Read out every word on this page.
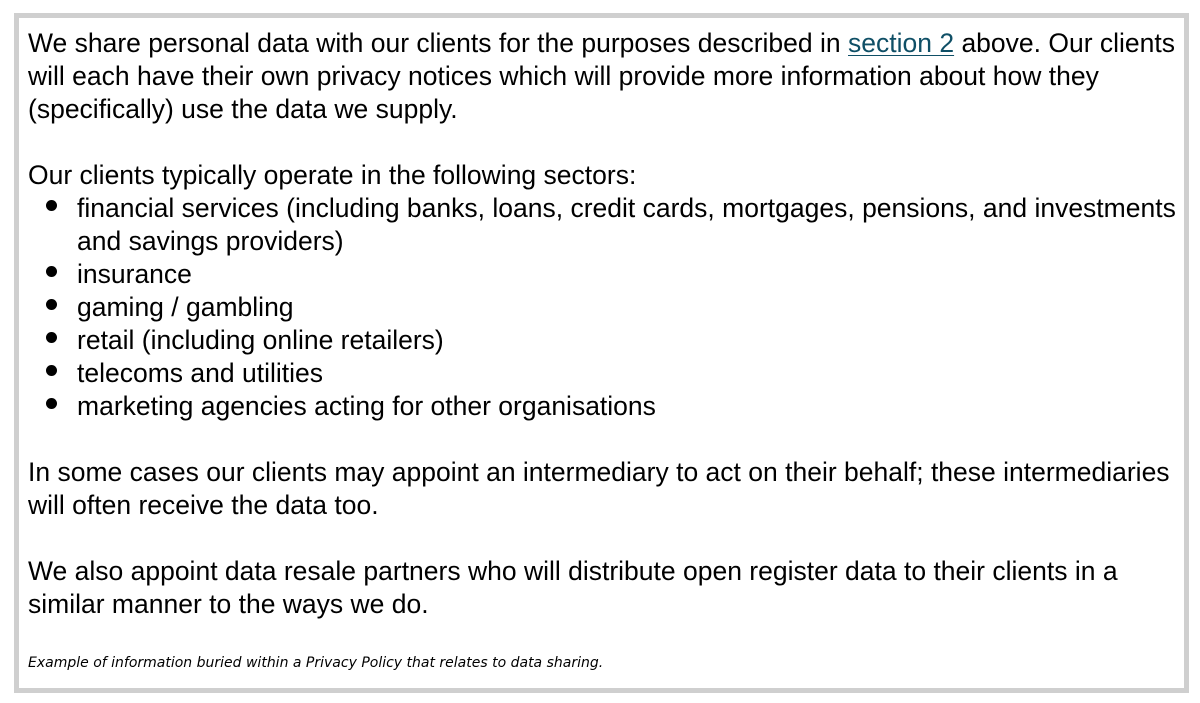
We share personal data with our clients for the purposes described in section 2 above. Our clients will each have their own privacy notices which will provide more information about how they (specifically) use the data we supply.

Our clients typically operate in the following sectors:

financial services (including banks, loans, credit cards, mortgages, pensions, and investments and savings providers)
insurance
gaming / gambling
retail (including online retailers)
telecoms and utilities
marketing agencies acting for other organisations

In some cases our clients may appoint an intermediary to act on their behalf; these intermediaries will often receive the data too.

We also appoint data resale partners who will distribute open register data to their clients in a similar manner to the ways we do.

Example of information buried within a Privacy Policy that relates to data sharing.
